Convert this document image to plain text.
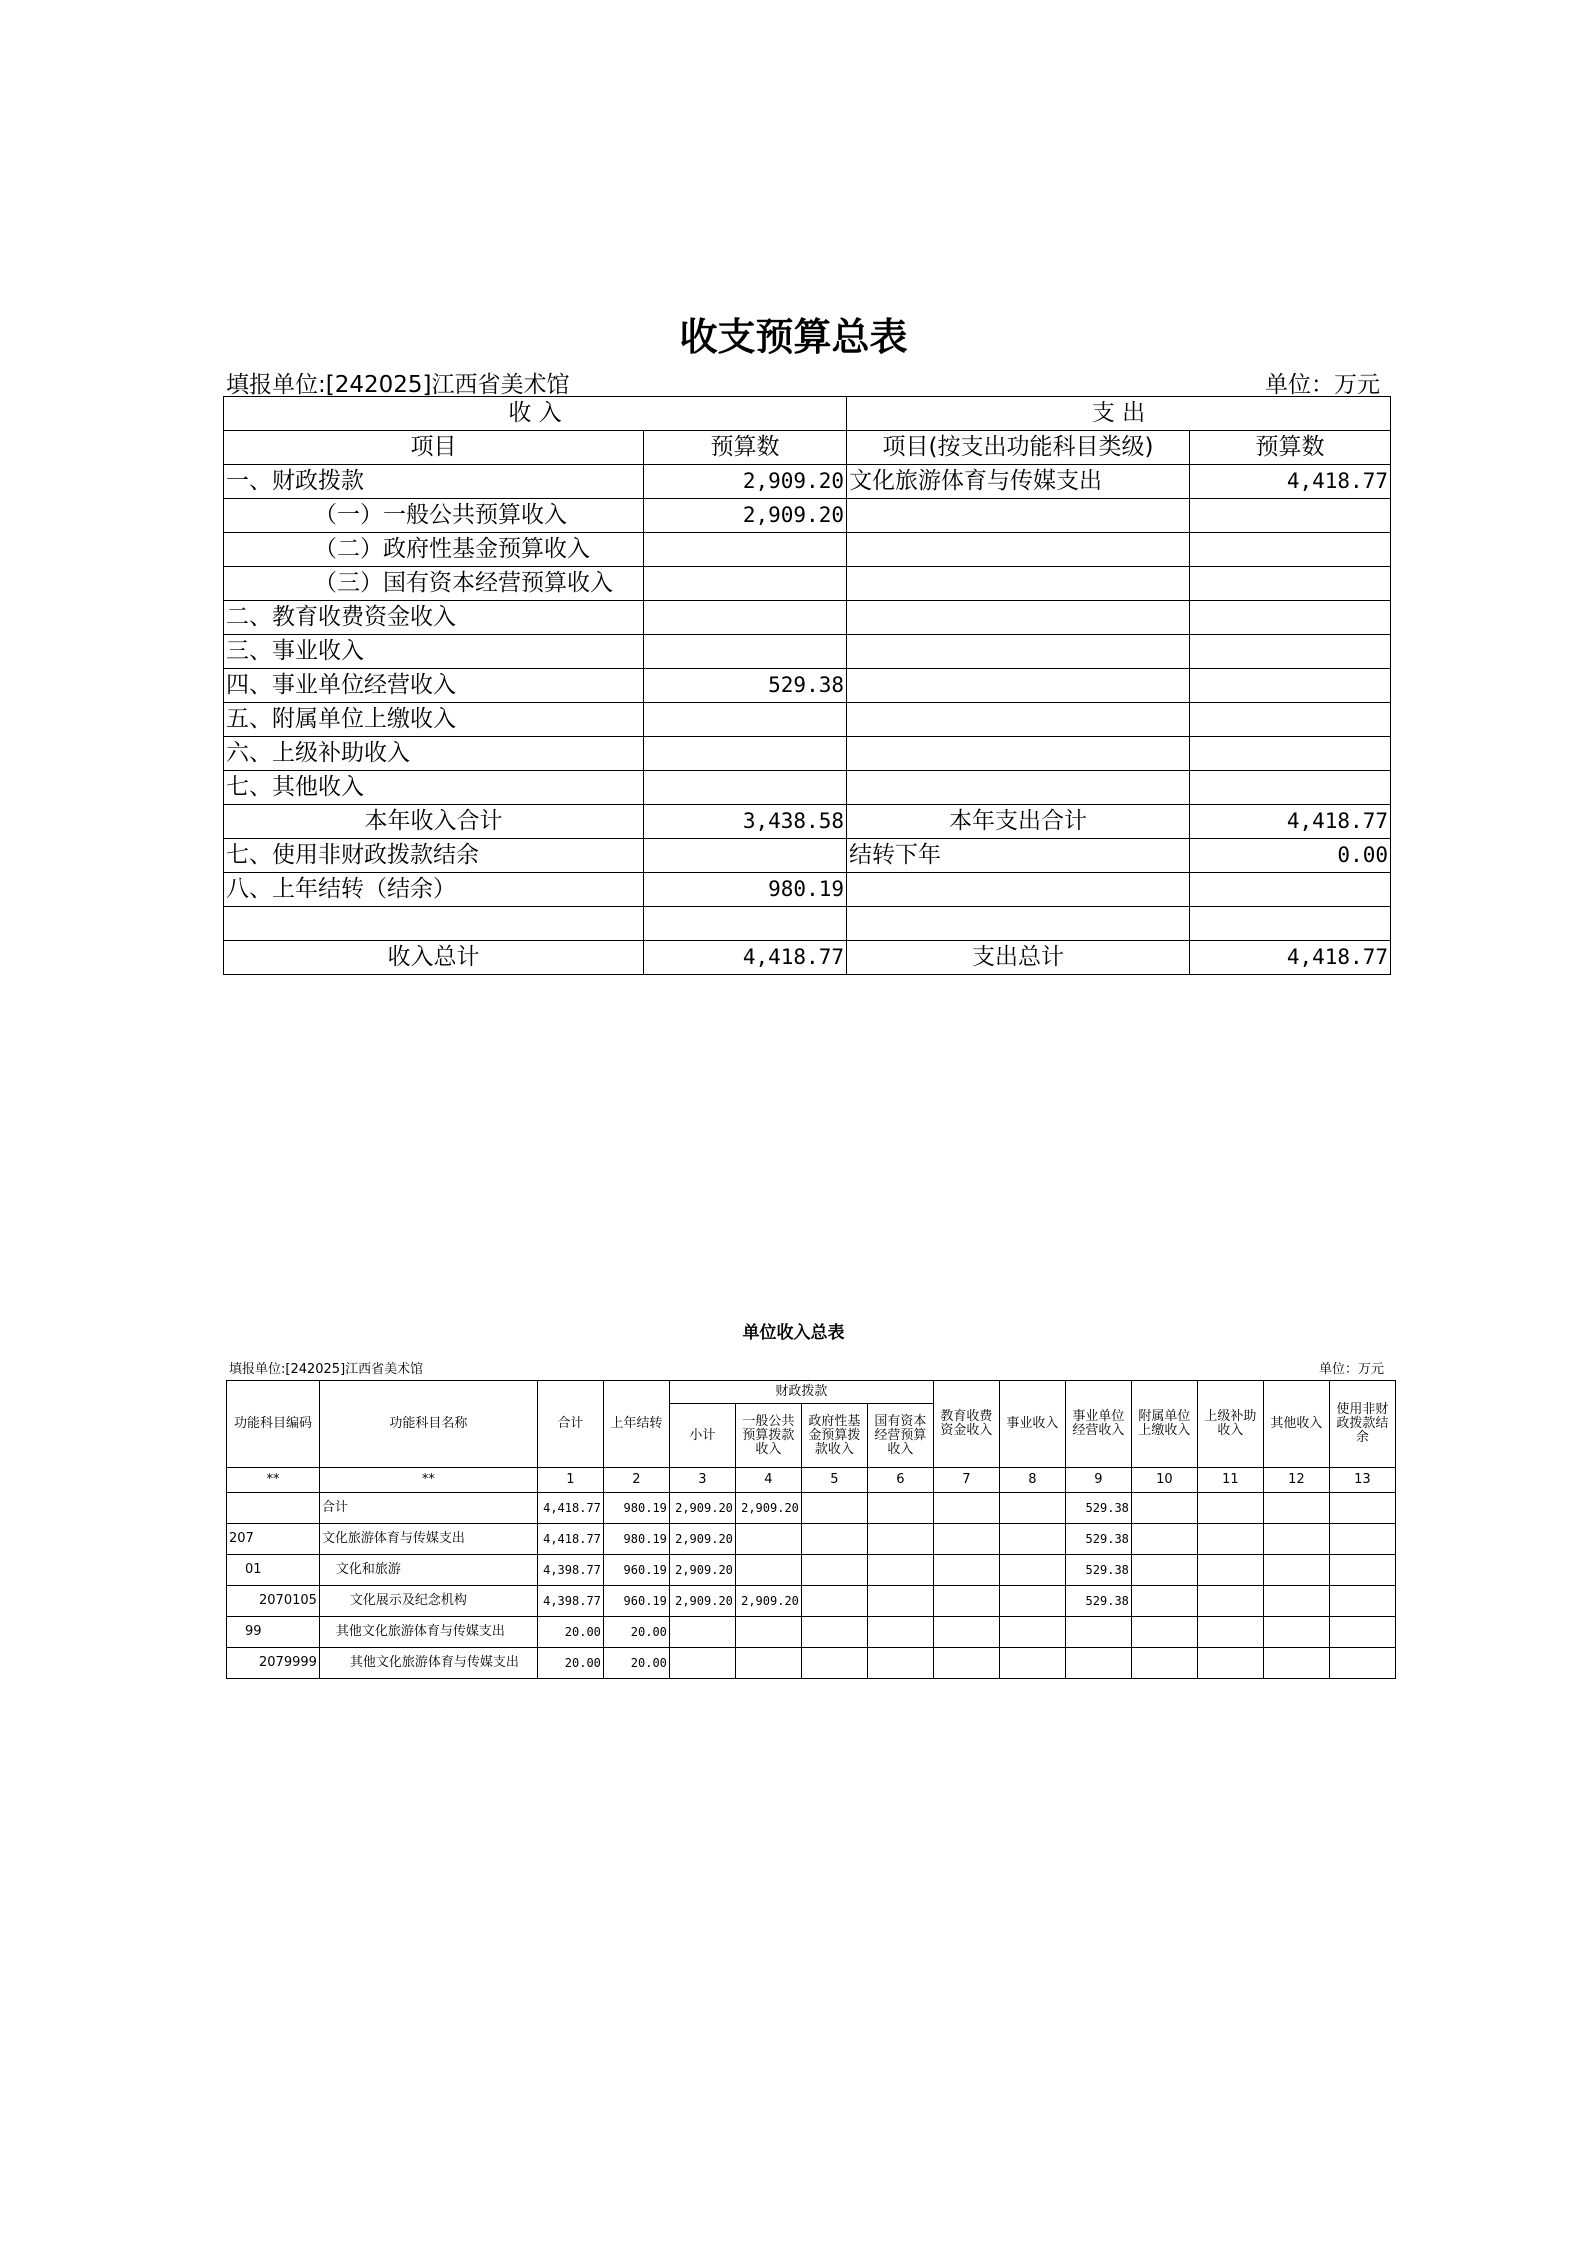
收支预算总表
填报单位:[242025]江西省美术馆	单位：万元
收 入		支 出	
项目	预算数	项目(按支出功能科目类级)	预算数
一、财政拨款	2,909.20	文化旅游体育与传媒支出	4,418.77
（一）一般公共预算收入	2,909.20		
（二）政府性基金预算收入			
（三）国有资本经营预算收入			
二、教育收费资金收入			
三、事业收入			
四、事业单位经营收入	529.38		
五、附属单位上缴收入			
六、上级补助收入			
七、其他收入			
本年收入合计	3,438.58	本年支出合计	4,418.77
七、使用非财政拨款结余		结转下年	0.00
八、上年结转（结余）	980.19		

收入总计	4,418.77	支出总计	4,418.77
单位收入总表
填报单位:[242025]江西省美术馆	单位：万元
功能科目编码	功能科目名称	合计	上年结转	财政拨款				教育收费资金收入	事业收入	事业单位经营收入	附属单位上缴收入	上级补助收入	其他收入	使用非财政拨款结余
				小计	一般公共预算拨款收入	政府性基金预算拨款收入	国有资本经营预算收入							
**	**	1	2	3	4	5	6	7	8	9	10	11	12	13
	合计	4,418.77	980.19	2,909.20	2,909.20					529.38				
207	文化旅游体育与传媒支出	4,418.77	980.19	2,909.20						529.38				
01	文化和旅游	4,398.77	960.19	2,909.20						529.38				
2070105	文化展示及纪念机构	4,398.77	960.19	2,909.20	2,909.20					529.38				
99	其他文化旅游体育与传媒支出	20.00	20.00											
2079999	其他文化旅游体育与传媒支出	20.00	20.00											
